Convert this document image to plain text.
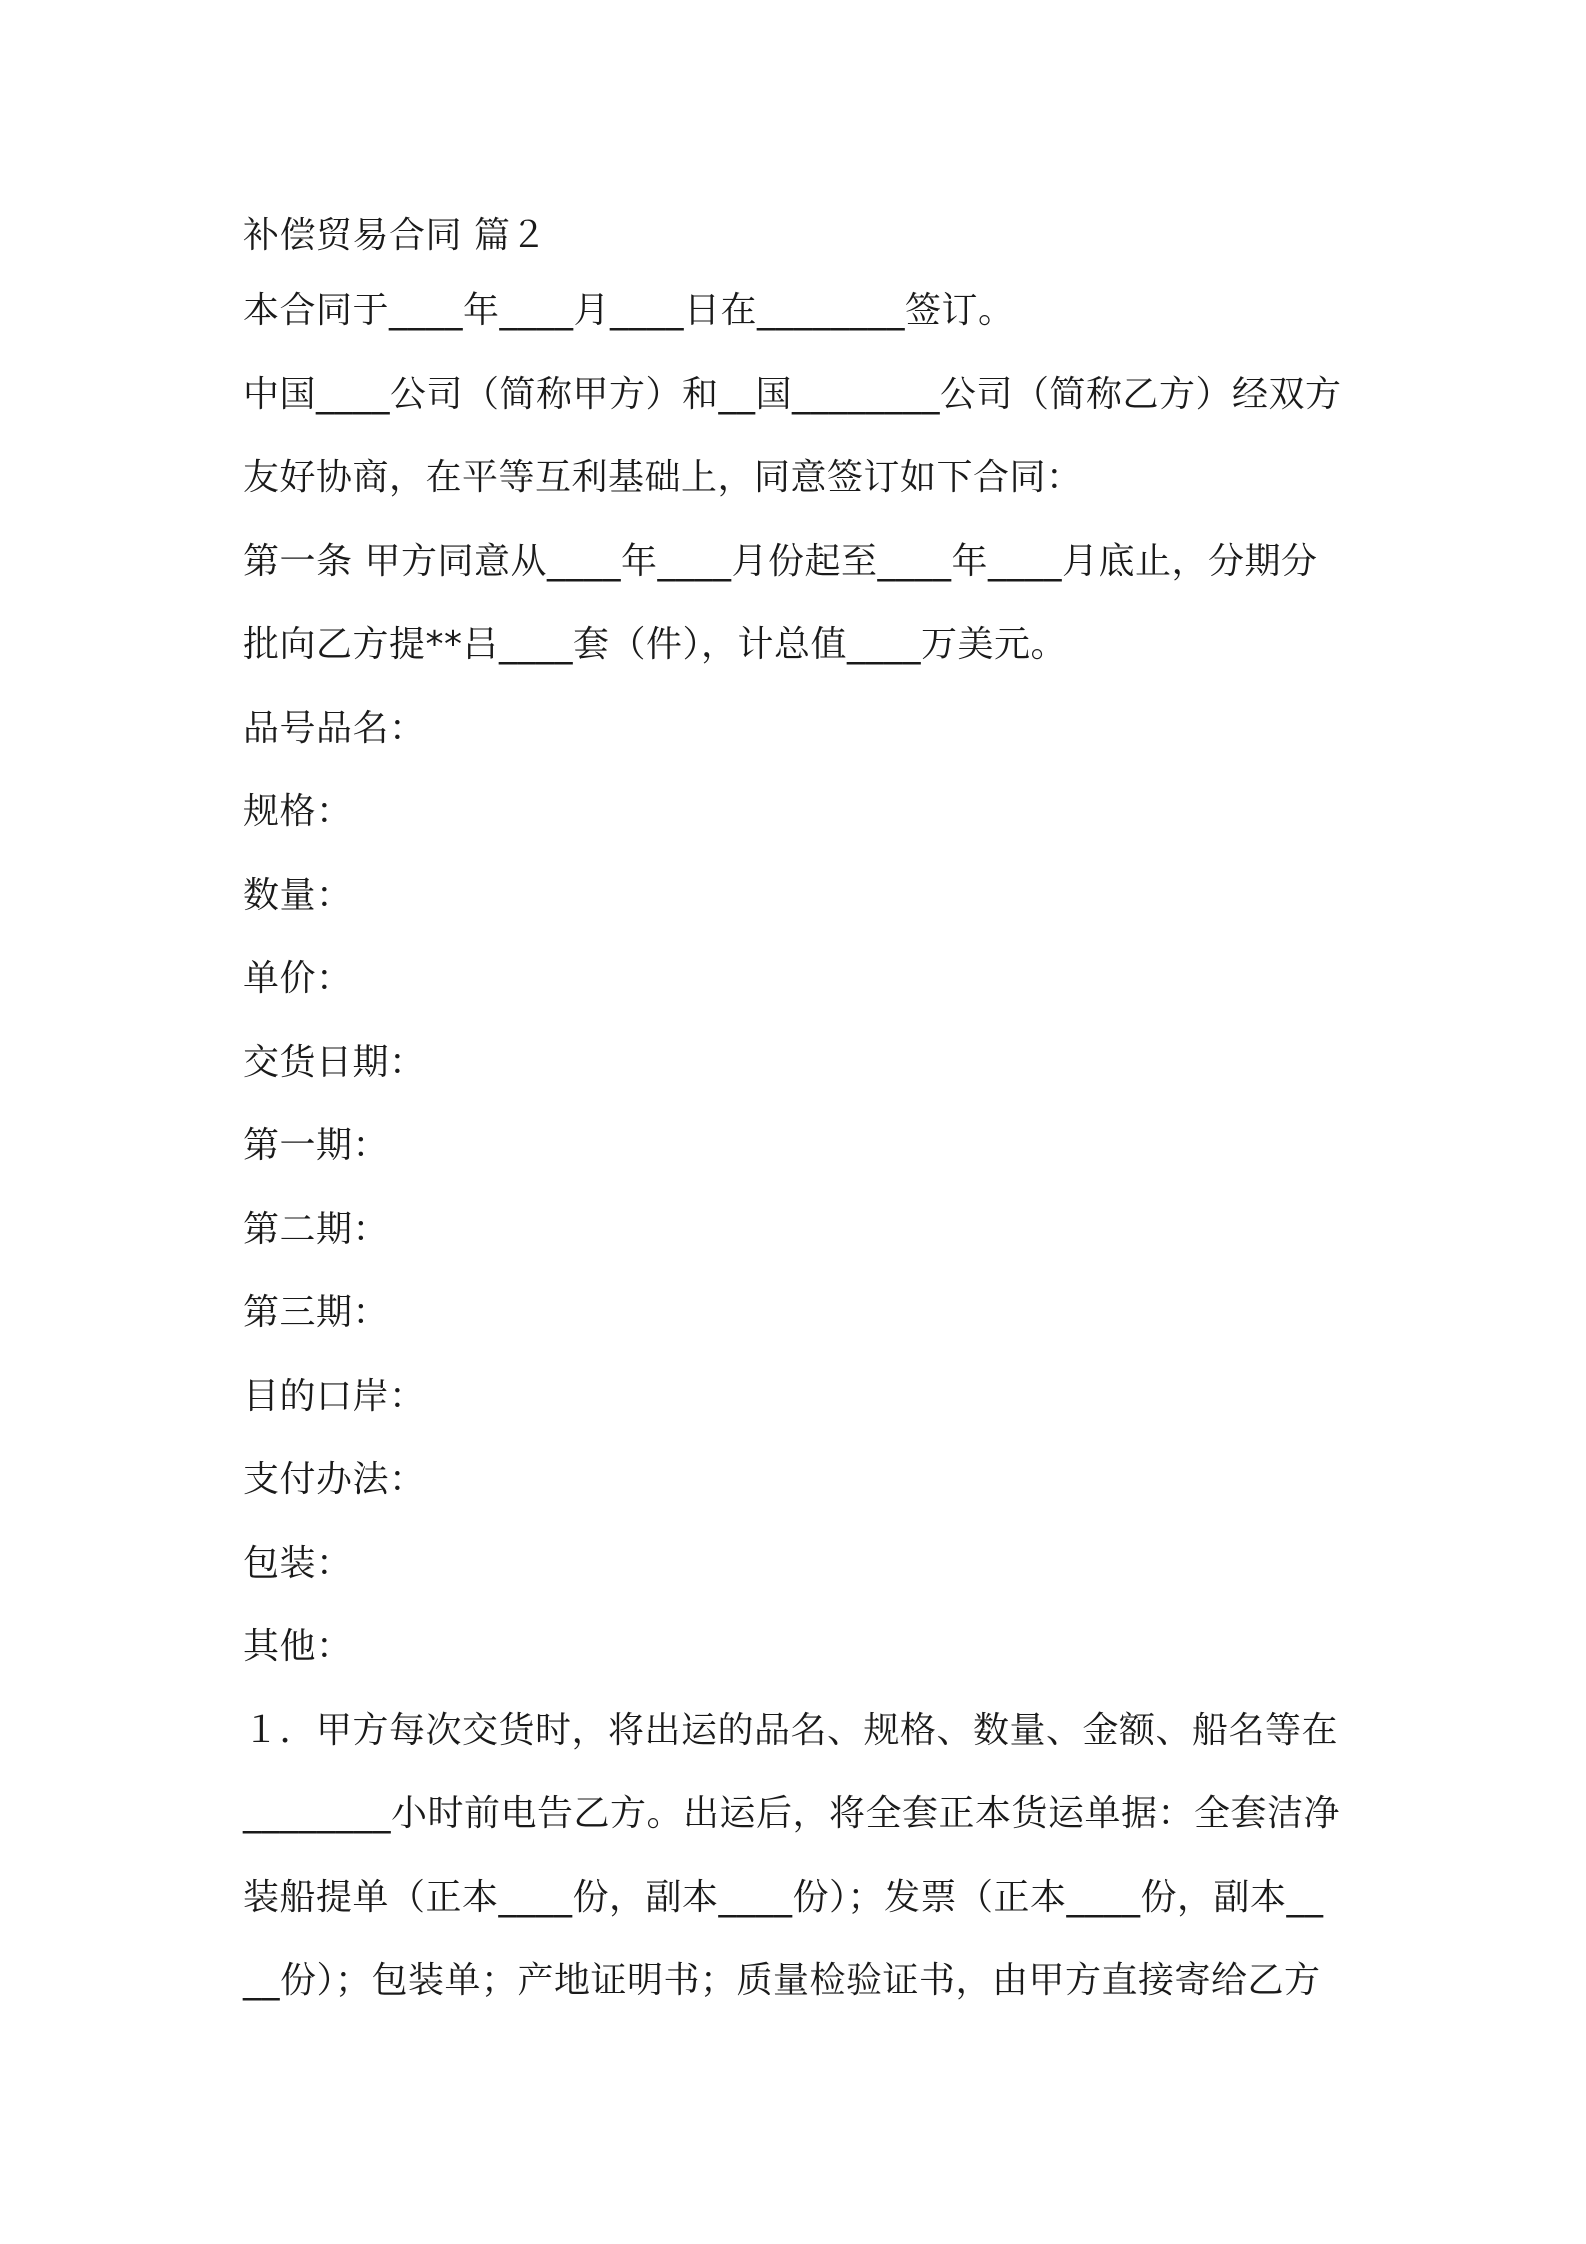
补偿贸易合同 篇２
本合同于____年____月____日在________签订。
中国____公司（简称甲方）和__国________公司（简称乙方）经双方
友好协商，在平等互利基础上，同意签订如下合同：
第一条 甲方同意从____年____月份起至____年____月底止，分期分
批向乙方提**吕____套（件），计总值____万美元。
品号品名：
规格：
数量：
单价：
交货日期：
第一期：
第二期：
第三期：
目的口岸：
支付办法：
包装：
其他：
１．甲方每次交货时，将出运的品名、规格、数量、金额、船名等在
________小时前电告乙方。出运后，将全套正本货运单据：全套洁净
装船提单（正本____份，副本____份）；发票（正本____份，副本__
__份）；包装单；产地证明书；质量检验证书，由甲方直接寄给乙方
